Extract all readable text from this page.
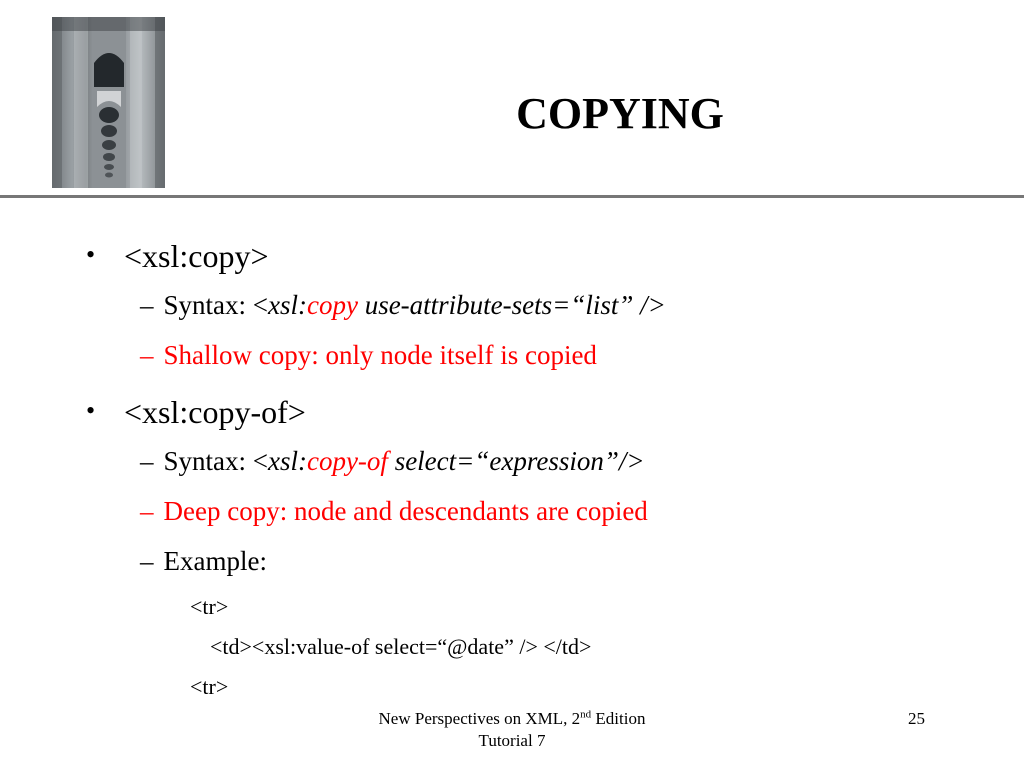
COPYING
• <xsl:copy>
– Syntax: <xsl:copy use-attribute-sets=“list” />
– Shallow copy: only node itself is copied
• <xsl:copy-of>
– Syntax: <xsl:copy-of select=“expression”/>
– Deep copy: node and descendants are copied
– Example:
<tr>
<td><xsl:value-of select=“@date” /> </td>
<tr>
New Perspectives on XML, 2nd Edition
Tutorial 7
25
